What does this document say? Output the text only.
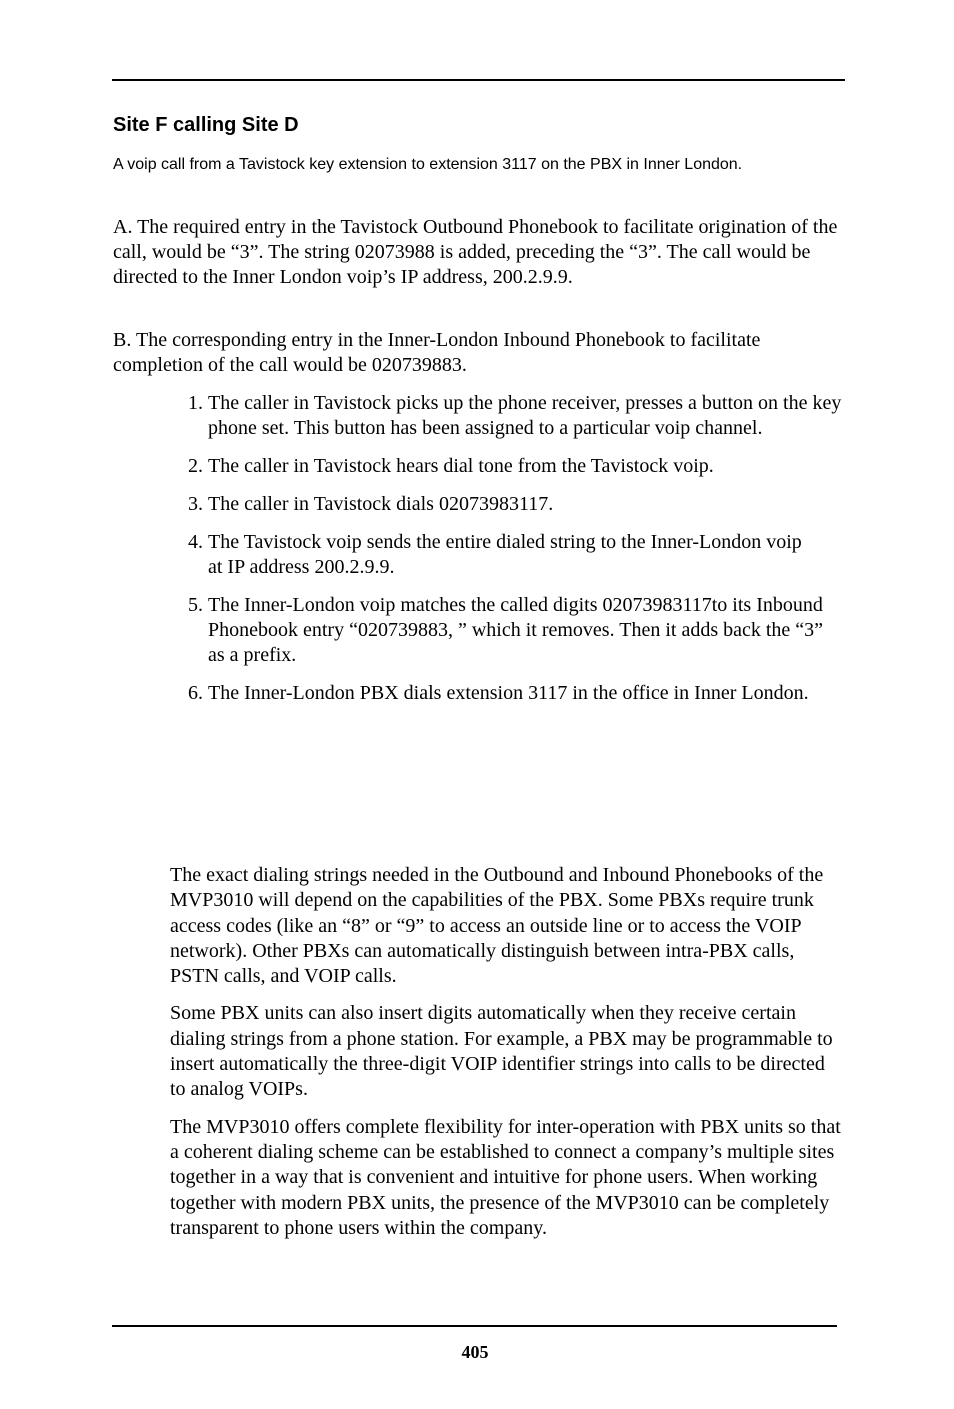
Site F calling Site D

A voip call from a Tavistock key extension to extension 3117 on the PBX in Inner London.

A. The required entry in the Tavistock Outbound Phonebook to facilitate origination of the call, would be “3”. The string 02073988 is added, preceding the “3”. The call would be directed to the Inner London voip’s IP address, 200.2.9.9.

B. The corresponding entry in the Inner-London Inbound Phonebook to facilitate completion of the call would be 020739883.

1. The caller in Tavistock picks up the phone receiver, presses a button on the key phone set. This button has been assigned to a particular voip channel.
2. The caller in Tavistock hears dial tone from the Tavistock voip.
3. The caller in Tavistock dials 02073983117.
4. The Tavistock voip sends the entire dialed string to the Inner-London voip
at IP address 200.2.9.9.
5. The Inner-London voip matches the called digits 02073983117to its Inbound Phonebook entry “020739883, ” which it removes. Then it adds back the “3” as a prefix.
6. The Inner-London PBX dials extension 3117 in the office in Inner London.

The exact dialing strings needed in the Outbound and Inbound Phonebooks of the MVP3010 will depend on the capabilities of the PBX. Some PBXs require trunk access codes (like an “8” or “9” to access an outside line or to access the VOIP network). Other PBXs can automatically distinguish between intra-PBX calls, PSTN calls, and VOIP calls.

Some PBX units can also insert digits automatically when they receive certain dialing strings from a phone station. For example, a PBX may be programmable to insert automatically the three-digit VOIP identifier strings into calls to be directed to analog VOIPs.

The MVP3010 offers complete flexibility for inter-operation with PBX units so that a coherent dialing scheme can be established to connect a company’s multiple sites together in a way that is convenient and intuitive for phone users. When working together with modern PBX units, the presence of the MVP3010 can be completely transparent to phone users within the company.

405
